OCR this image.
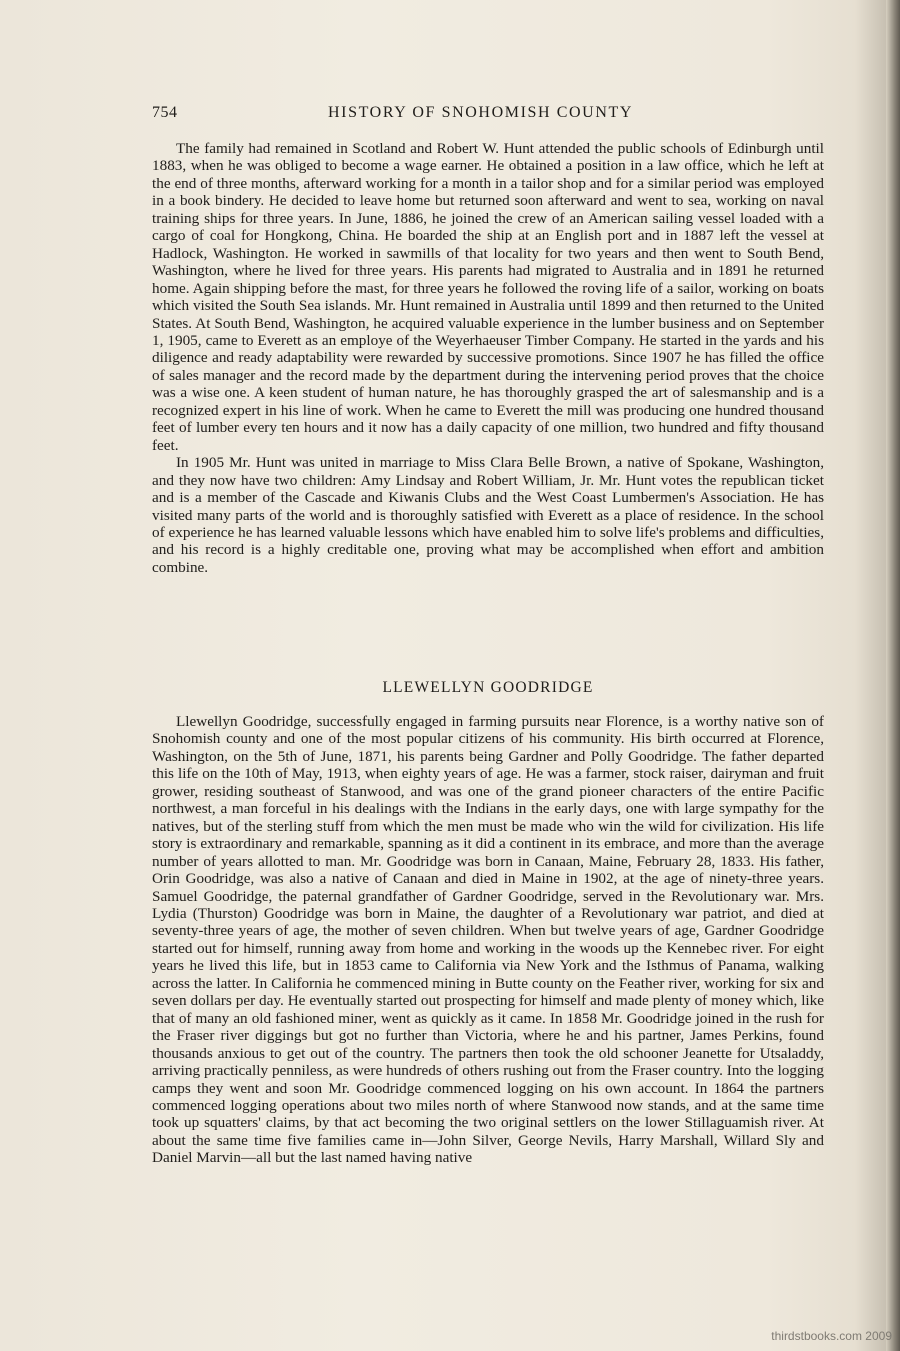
754	HISTORY OF SNOHOMISH COUNTY

The family had remained in Scotland and Robert W. Hunt attended the public schools of Edinburgh until 1883, when he was obliged to become a wage earner. He obtained a position in a law office, which he left at the end of three months, afterward working for a month in a tailor shop and for a similar period was employed in a book bindery. He decided to leave home but returned soon afterward and went to sea, working on naval training ships for three years. In June, 1886, he joined the crew of an American sailing vessel loaded with a cargo of coal for Hongkong, China. He boarded the ship at an English port and in 1887 left the vessel at Hadlock, Washington. He worked in sawmills of that locality for two years and then went to South Bend, Washington, where he lived for three years. His parents had migrated to Australia and in 1891 he returned home. Again shipping before the mast, for three years he followed the roving life of a sailor, working on boats which visited the South Sea islands. Mr. Hunt remained in Australia until 1899 and then returned to the United States. At South Bend, Washington, he acquired valuable experience in the lumber business and on September 1, 1905, came to Everett as an employe of the Weyerhaeuser Timber Company. He started in the yards and his diligence and ready adaptability were rewarded by successive promotions. Since 1907 he has filled the office of sales manager and the record made by the department during the intervening period proves that the choice was a wise one. A keen student of human nature, he has thoroughly grasped the art of salesmanship and is a recognized expert in his line of work. When he came to Everett the mill was producing one hundred thousand feet of lumber every ten hours and it now has a daily capacity of one million, two hundred and fifty thousand feet.

In 1905 Mr. Hunt was united in marriage to Miss Clara Belle Brown, a native of Spokane, Washington, and they now have two children: Amy Lindsay and Robert William, Jr. Mr. Hunt votes the republican ticket and is a member of the Cascade and Kiwanis Clubs and the West Coast Lumbermen's Association. He has visited many parts of the world and is thoroughly satisfied with Everett as a place of residence. In the school of experience he has learned valuable lessons which have enabled him to solve life's problems and difficulties, and his record is a highly creditable one, proving what may be accomplished when effort and ambition combine.

LLEWELLYN GOODRIDGE

Llewellyn Goodridge, successfully engaged in farming pursuits near Florence, is a worthy native son of Snohomish county and one of the most popular citizens of his community. His birth occurred at Florence, Washington, on the 5th of June, 1871, his parents being Gardner and Polly Goodridge. The father departed this life on the 10th of May, 1913, when eighty years of age. He was a farmer, stock raiser, dairyman and fruit grower, residing southeast of Stanwood, and was one of the grand pioneer characters of the entire Pacific northwest, a man forceful in his dealings with the Indians in the early days, one with large sympathy for the natives, but of the sterling stuff from which the men must be made who win the wild for civilization. His life story is extraordinary and remarkable, spanning as it did a continent in its embrace, and more than the average number of years allotted to man. Mr. Goodridge was born in Canaan, Maine, February 28, 1833. His father, Orin Goodridge, was also a native of Canaan and died in Maine in 1902, at the age of ninety-three years. Samuel Goodridge, the paternal grandfather of Gardner Goodridge, served in the Revolutionary war. Mrs. Lydia (Thurston) Goodridge was born in Maine, the daughter of a Revolutionary war patriot, and died at seventy-three years of age, the mother of seven children. When but twelve years of age, Gardner Goodridge started out for himself, running away from home and working in the woods up the Kennebec river. For eight years he lived this life, but in 1853 came to California via New York and the Isthmus of Panama, walking across the latter. In California he commenced mining in Butte county on the Feather river, working for six and seven dollars per day. He eventually started out prospecting for himself and made plenty of money which, like that of many an old fashioned miner, went as quickly as it came. In 1858 Mr. Goodridge joined in the rush for the Fraser river diggings but got no further than Victoria, where he and his partner, James Perkins, found thousands anxious to get out of the country. The partners then took the old schooner Jeanette for Utsaladdy, arriving practically penniless, as were hundreds of others rushing out from the Fraser country. Into the logging camps they went and soon Mr. Goodridge commenced logging on his own account. In 1864 the partners commenced logging operations about two miles north of where Stanwood now stands, and at the same time took up squatters' claims, by that act becoming the two original settlers on the lower Stillaguamish river. At about the same time five families came in—John Silver, George Nevils, Harry Marshall, Willard Sly and Daniel Marvin—all but the last named having native

thirdstbooks.com 2009
